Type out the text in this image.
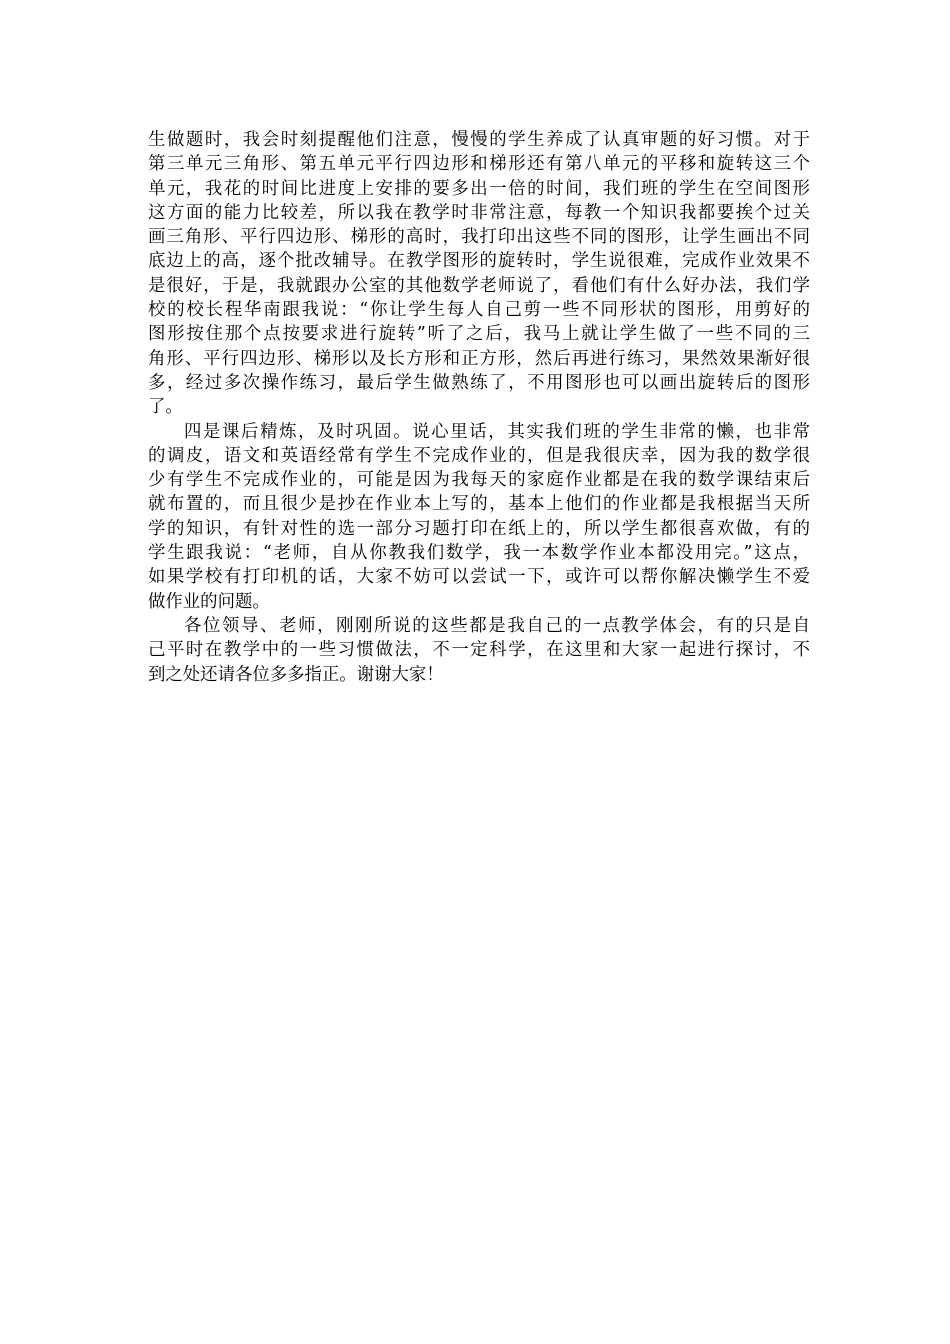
生做题时，我会时刻提醒他们注意，慢慢的学生养成了认真审题的好习惯。对于
第三单元三角形、第五单元平行四边形和梯形还有第八单元的平移和旋转这三个
单元，我花的时间比进度上安排的要多出一倍的时间，我们班的学生在空间图形
这方面的能力比较差，所以我在教学时非常注意，每教一个知识我都要挨个过关
画三角形、平行四边形、梯形的高时，我打印出这些不同的图形，让学生画出不同
底边上的高，逐个批改辅导。在教学图形的旋转时，学生说很难，完成作业效果不
是很好，于是，我就跟办公室的其他数学老师说了，看他们有什么好办法，我们学
校的校长程华南跟我说：“你让学生每人自己剪一些不同形状的图形，用剪好的
图形按住那个点按要求进行旋转”听了之后，我马上就让学生做了一些不同的三
角形、平行四边形、梯形以及长方形和正方形，然后再进行练习，果然效果渐好很
多，经过多次操作练习，最后学生做熟练了，不用图形也可以画出旋转后的图形
了。
四是课后精炼，及时巩固。说心里话，其实我们班的学生非常的懒，也非常
的调皮，语文和英语经常有学生不完成作业的，但是我很庆幸，因为我的数学很
少有学生不完成作业的，可能是因为我每天的家庭作业都是在我的数学课结束后
就布置的，而且很少是抄在作业本上写的，基本上他们的作业都是我根据当天所
学的知识，有针对性的选一部分习题打印在纸上的，所以学生都很喜欢做，有的
学生跟我说：“老师，自从你教我们数学，我一本数学作业本都没用完。”这点，
如果学校有打印机的话，大家不妨可以尝试一下，或许可以帮你解决懒学生不爱
做作业的问题。
各位领导、老师，刚刚所说的这些都是我自己的一点教学体会，有的只是自
己平时在教学中的一些习惯做法，不一定科学，在这里和大家一起进行探讨，不
到之处还请各位多多指正。谢谢大家！
